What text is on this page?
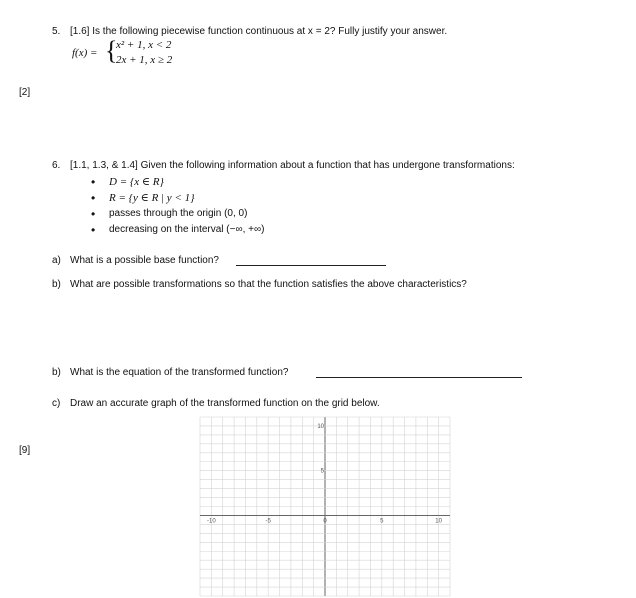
5. [1.6] Is the following piecewise function continuous at x = 2? Fully justify your answer.
f(x) = {
x² + 1, x < 2
2x + 1, x ≥ 2
[2]
6. [1.1, 1.3, & 1.4] Given the following information about a function that has undergone transformations:
• D = {x ∈ R}
• R = {y ∈ R | y < 1}
• passes through the origin (0, 0)
• decreasing on the interval (−∞, +∞)
a) What is a possible base function?
b) What are possible transformations so that the function satisfies the above characteristics?
b) What is the equation of the transformed function?
c) Draw an accurate graph of the transformed function on the grid below.
[9]
-10	-5	0	5	10
10
5
